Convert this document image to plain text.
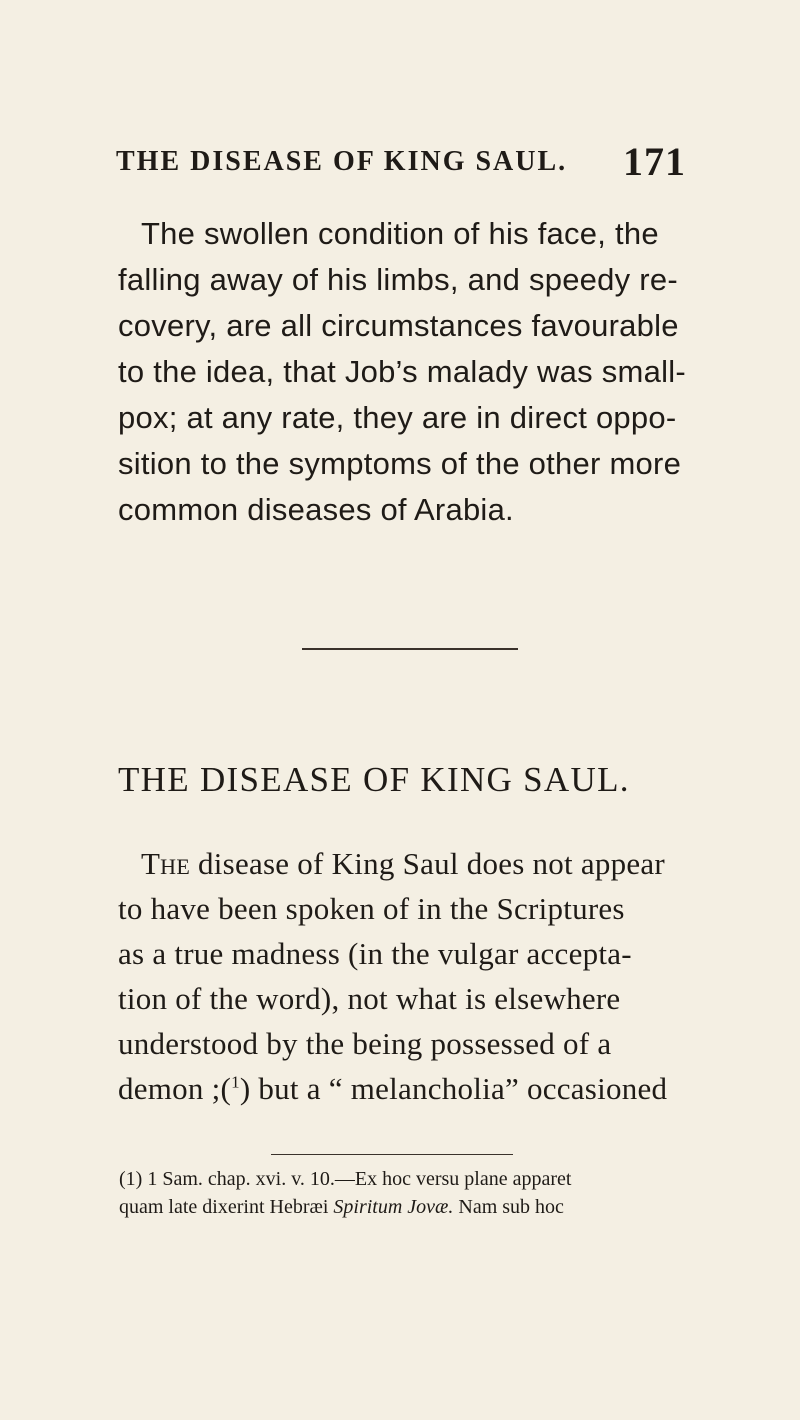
THE DISEASE OF KING SAUL. 171
The swollen condition of his face, the
falling away of his limbs, and speedy re-
covery, are all circumstances favourable
to the idea, that Job’s malady was small-
pox; at any rate, they are in direct oppo-
sition to the symptoms of the other more
common diseases of Arabia.
THE DISEASE OF KING SAUL.
The disease of King Saul does not appear
to have been spoken of in the Scriptures
as a true madness (in the vulgar accepta-
tion of the word), not what is elsewhere
understood by the being possessed of a
demon ;($^1$) but a “ melancholia” occasioned
(1) 1 Sam. chap. xvi. v. 10.—Ex hoc versu plane apparet
quam late dixerint Hebræi Spiritum Jovæ. Nam sub hoc
